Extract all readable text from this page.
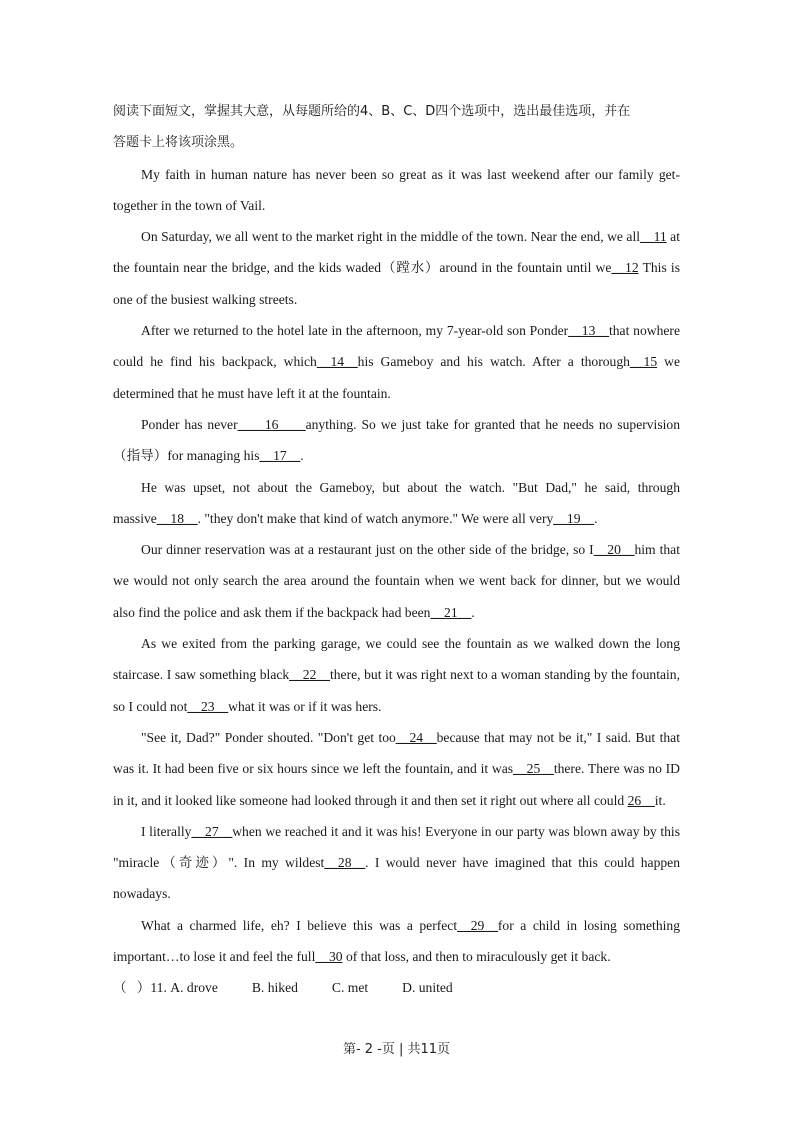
阅读下面短文，掌握其大意，从每题所给的4、B、C、D四个选项中，选出最佳选项，并在
答题卡上将该项涂黑。

My faith in human nature has never been so great as it was last weekend after our family get-together in the town of Vail.

On Saturday, we all went to the market right in the middle of the town. Near the end, we all__11 at the fountain near the bridge, and the kids waded（蹚水）around in the fountain until we__12 This is one of the busiest walking streets.

After we returned to the hotel late in the afternoon, my 7-year-old son Ponder__13__that nowhere could he find his backpack, which__14__his Gameboy and his watch. After a thorough__15 we determined that he must have left it at the fountain.

Ponder has never____16____anything. So we just take for granted that he needs no supervision（指导）for managing his__17__.

He was upset, not about the Gameboy, but about the watch. "But Dad," he said, through massive__18__. "they don't make that kind of watch anymore." We were all very__19__.

Our dinner reservation was at a restaurant just on the other side of the bridge, so I__20__him that we would not only search the area around the fountain when we went back for dinner, but we would also find the police and ask them if the backpack had been__21__.

As we exited from the parking garage, we could see the fountain as we walked down the long staircase. I saw something black__22__there, but it was right next to a woman standing by the fountain, so I could not__23__what it was or if it was hers.

"See it, Dad?" Ponder shouted. "Don't get too__24__because that may not be it," I said. But that was it. It had been five or six hours since we left the fountain, and it was__25__there. There was no ID in it, and it looked like someone had looked through it and then set it right out where all could 26__it.

I literally__27__when we reached it and it was his! Everyone in our party was blown away by this "miracle（奇迹）". In my wildest__28__. I would never have imagined that this could happen nowadays.

What a charmed life, eh? I believe this was a perfect__29__for a child in losing something important…to lose it and feel the full__30 of that loss, and then to miraculously get it back.

（   ）11. A. drove B. hiked C. met D. united

第- 2 -页 | 共11页
